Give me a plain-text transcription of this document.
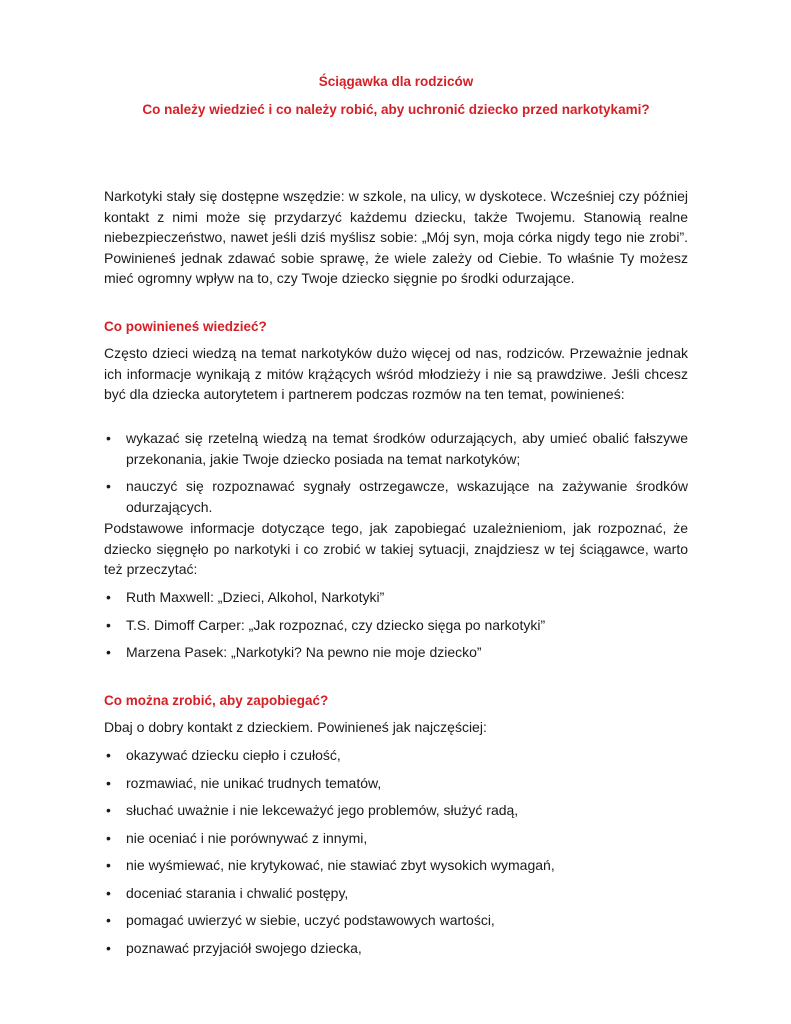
Ściągawka dla rodziców
Co należy wiedzieć i co należy robić, aby uchronić dziecko przed narkotykami?

Narkotyki stały się dostępne wszędzie: w szkole, na ulicy, w dyskotece. Wcześniej czy później kontakt z nimi może się przydarzyć każdemu dziecku, także Twojemu. Stanowią realne niebezpieczeństwo, nawet jeśli dziś myślisz sobie: „Mój syn, moja córka nigdy tego nie zrobi”. Powinieneś jednak zdawać sobie sprawę, że wiele zależy od Ciebie. To właśnie Ty możesz mieć ogromny wpływ na to, czy Twoje dziecko sięgnie po środki odurzające.

Co powinieneś wiedzieć?

Często dzieci wiedzą na temat narkotyków dużo więcej od nas, rodziców. Przeważnie jednak ich informacje wynikają z mitów krążących wśród młodzieży i nie są prawdziwe. Jeśli chcesz być dla dziecka autorytetem i partnerem podczas rozmów na ten temat, powinieneś:

• wykazać się rzetelną wiedzą na temat środków odurzających, aby umieć obalić fałszywe przekonania, jakie Twoje dziecko posiada na temat narkotyków;
• nauczyć się rozpoznawać sygnały ostrzegawcze, wskazujące na zażywanie środków odurzających.

Podstawowe informacje dotyczące tego, jak zapobiegać uzależnieniom, jak rozpoznać, że dziecko sięgnęło po narkotyki i co zrobić w takiej sytuacji, znajdziesz w tej ściągawce, warto też przeczytać:

• Ruth Maxwell: „Dzieci, Alkohol, Narkotyki”
• T.S. Dimoff Carper: „Jak rozpoznać, czy dziecko sięga po narkotyki”
• Marzena Pasek: „Narkotyki? Na pewno nie moje dziecko”
Co można zrobić, aby zapobiegać?

Dbaj o dobry kontakt z dzieckiem. Powinieneś jak najczęściej:

• okazywać dziecku ciepło i czułość,
• rozmawiać, nie unikać trudnych tematów,
• słuchać uważnie i nie lekceważyć jego problemów, służyć radą,
• nie oceniać i nie porównywać z innymi,
• nie wyśmiewać, nie krytykować, nie stawiać zbyt wysokich wymagań,
• doceniać starania i chwalić postępy,
• pomagać uwierzyć w siebie, uczyć podstawowych wartości,
• poznawać przyjaciół swojego dziecka,
